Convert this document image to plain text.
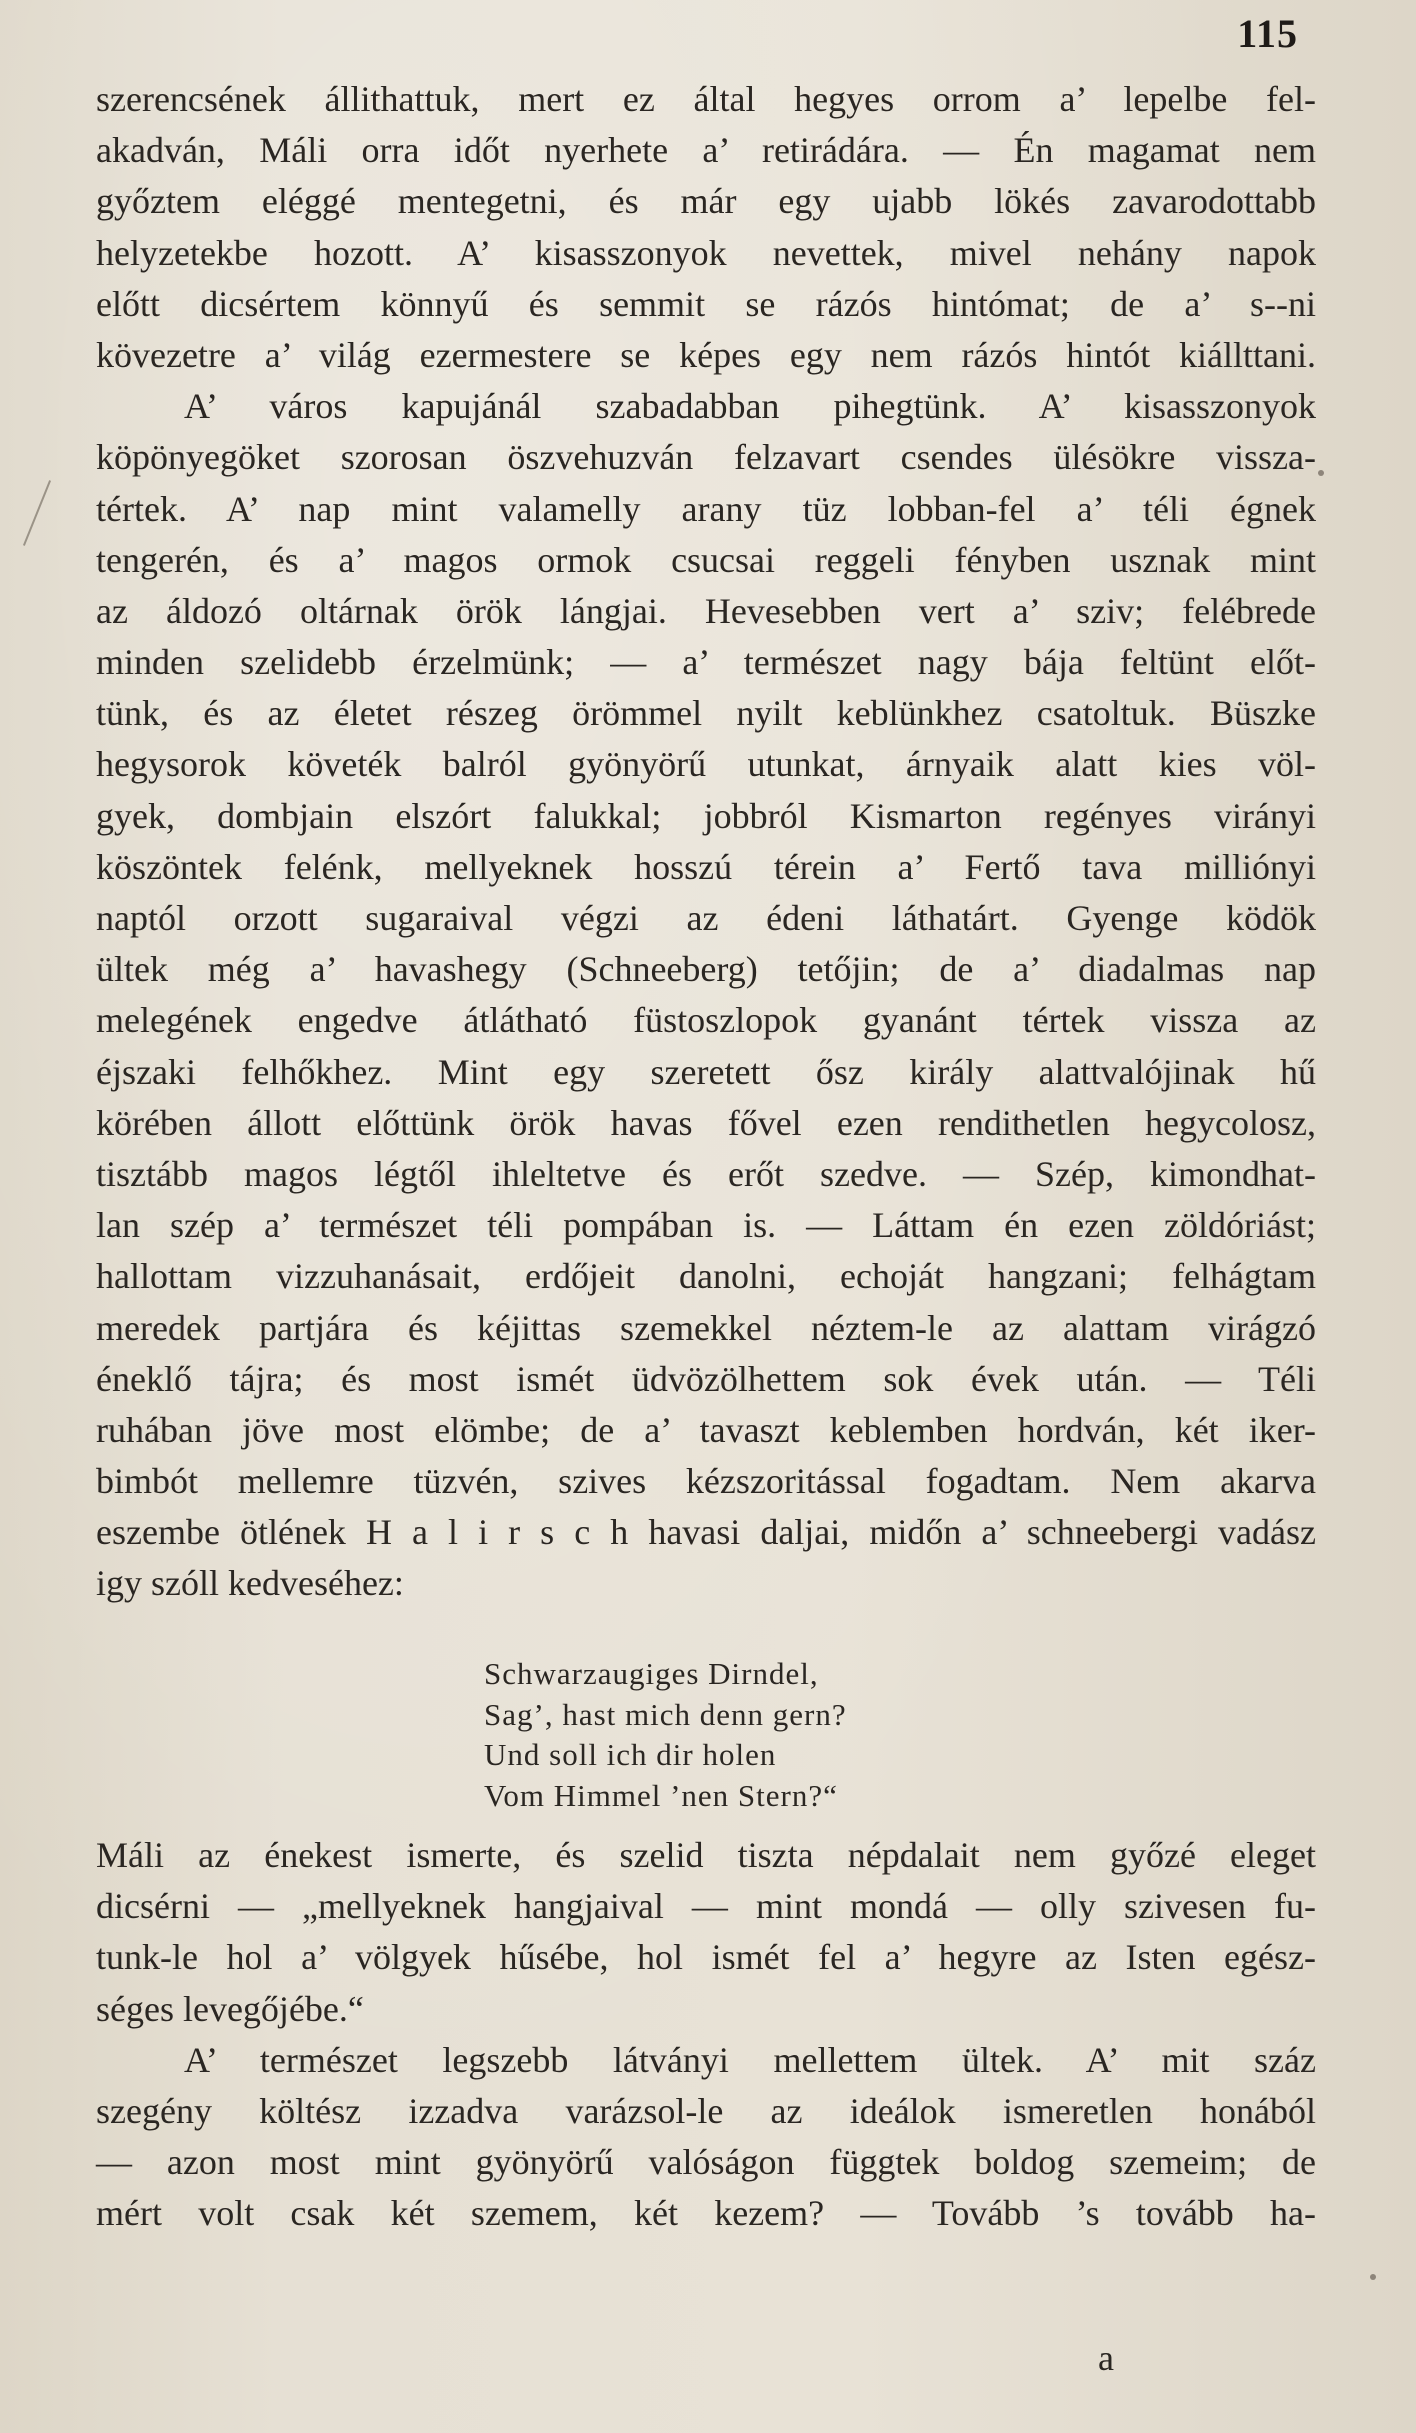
115
szerencsének állithattuk, mert ez által hegyes orrom a’ lepelbe fel-
akadván, Máli orra időt nyerhete a’ retirádára. — Én magamat nem
győztem eléggé mentegetni, és már egy ujabb lökés zavarodottabb
helyzetekbe hozott. A’ kisasszonyok nevettek, mivel nehány napok
előtt dicsértem könnyű és semmit se rázós hintómat; de a’ s--ni
kövezetre a’ világ ezermestere se képes egy nem rázós hintót kiállttani.
A’ város kapujánál szabadabban pihegtünk. A’ kisasszonyok
köpönyegöket szorosan öszvehuzván felzavart csendes ülésökre vissza-
tértek. A’ nap mint valamelly arany tüz lobban-fel a’ téli égnek
tengerén, és a’ magos ormok csucsai reggeli fényben usznak mint
az áldozó oltárnak örök lángjai. Hevesebben vert a’ sziv; felébrede
minden szelidebb érzelmünk; — a’ természet nagy bája feltünt előt-
tünk, és az életet részeg örömmel nyilt keblünkhez csatoltuk. Büszke
hegysorok követék balról gyönyörű utunkat, árnyaik alatt kies völ-
gyek, dombjain elszórt falukkal; jobbról Kismarton regényes virányi
köszöntek felénk, mellyeknek hosszú térein a’ Fertő tava milliónyi
naptól orzott sugaraival végzi az édeni láthatárt. Gyenge ködök
ültek még a’ havashegy (Schneeberg) tetőjin; de a’ diadalmas nap
melegének engedve átlátható füstoszlopok gyanánt tértek vissza az
éjszaki felhőkhez. Mint egy szeretett ősz király alattvalójinak hű
körében állott előttünk örök havas fővel ezen rendithetlen hegycolosz,
tisztább magos légtől ihleltetve és erőt szedve. — Szép, kimondhat-
lan szép a’ természet téli pompában is. — Láttam én ezen zöldóriást;
hallottam vizzuhanásait, erdőjeit danolni, echoját hangzani; felhágtam
meredek partjára és kéjittas szemekkel néztem-le az alattam virágzó
éneklő tájra; és most ismét üdvözölhettem sok évek után. — Téli
ruhában jöve most elömbe; de a’ tavaszt keblemben hordván, két iker-
bimbót mellemre tüzvén, szives kézszoritással fogadtam. Nem akarva
eszembe ötlének H a l i r s c h havasi daljai, midőn a’ schneebergi vadász
igy szóll kedveséhez:
Schwarzaugiges Dirndel,
Sag’, hast mich denn gern?
Und soll ich dir holen
Vom Himmel ’nen Stern?“
Máli az énekest ismerte, és szelid tiszta népdalait nem győzé eleget
dicsérni — „mellyeknek hangjaival — mint mondá — olly szivesen fu-
tunk-le hol a’ völgyek hűsébe, hol ismét fel a’ hegyre az Isten egész-
séges levegőjébe.“
A’ természet legszebb látványi mellettem ültek. A’ mit száz
szegény költész izzadva varázsol-le az ideálok ismeretlen honából
— azon most mint gyönyörű valóságon függtek boldog szemeim; de
mért volt csak két szemem, két kezem? — Tovább ’s tovább ha-
a
